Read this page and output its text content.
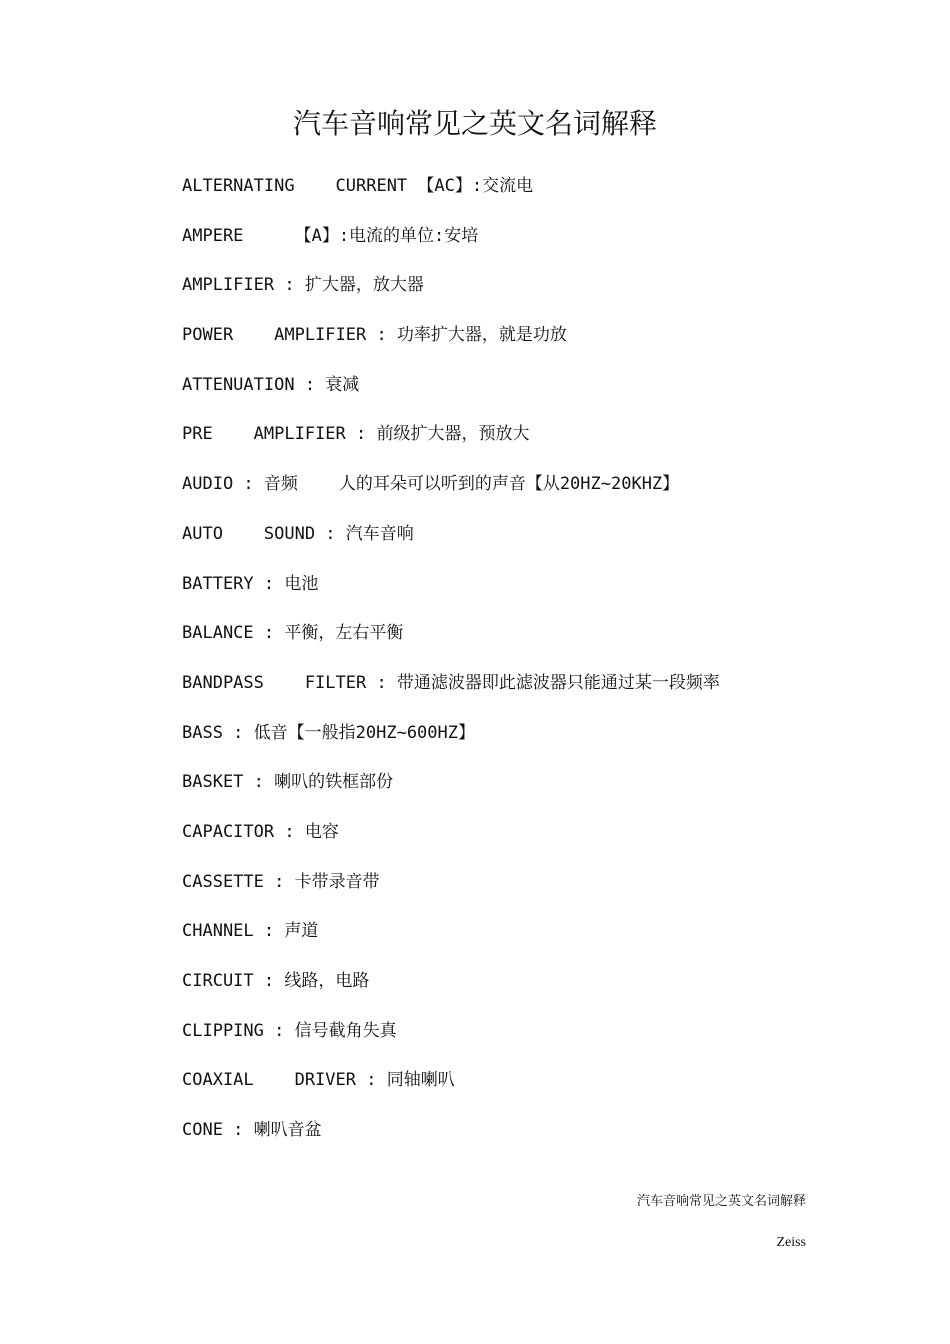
汽车音响常见之英文名词解释
ALTERNATING    CURRENT 【AC】:交流电
AMPERE     【A】:电流的单位:安培
AMPLIFIER : 扩大器，放大器
POWER    AMPLIFIER : 功率扩大器，就是功放
ATTENUATION : 衰减
PRE    AMPLIFIER : 前级扩大器，预放大
AUDIO : 音频    人的耳朵可以听到的声音【从20HZ~20KHZ】
AUTO    SOUND : 汽车音响
BATTERY : 电池
BALANCE : 平衡，左右平衡
BANDPASS    FILTER : 带通滤波器即此滤波器只能通过某一段频率
BASS : 低音【一般指20HZ~600HZ】
BASKET : 喇叭的铁框部份
CAPACITOR : 电容
CASSETTE : 卡带录音带
CHANNEL : 声道
CIRCUIT : 线路，电路
CLIPPING : 信号截角失真
COAXIAL    DRIVER : 同轴喇叭
CONE : 喇叭音盆
汽车音响常见之英文名词解释
Zeiss
